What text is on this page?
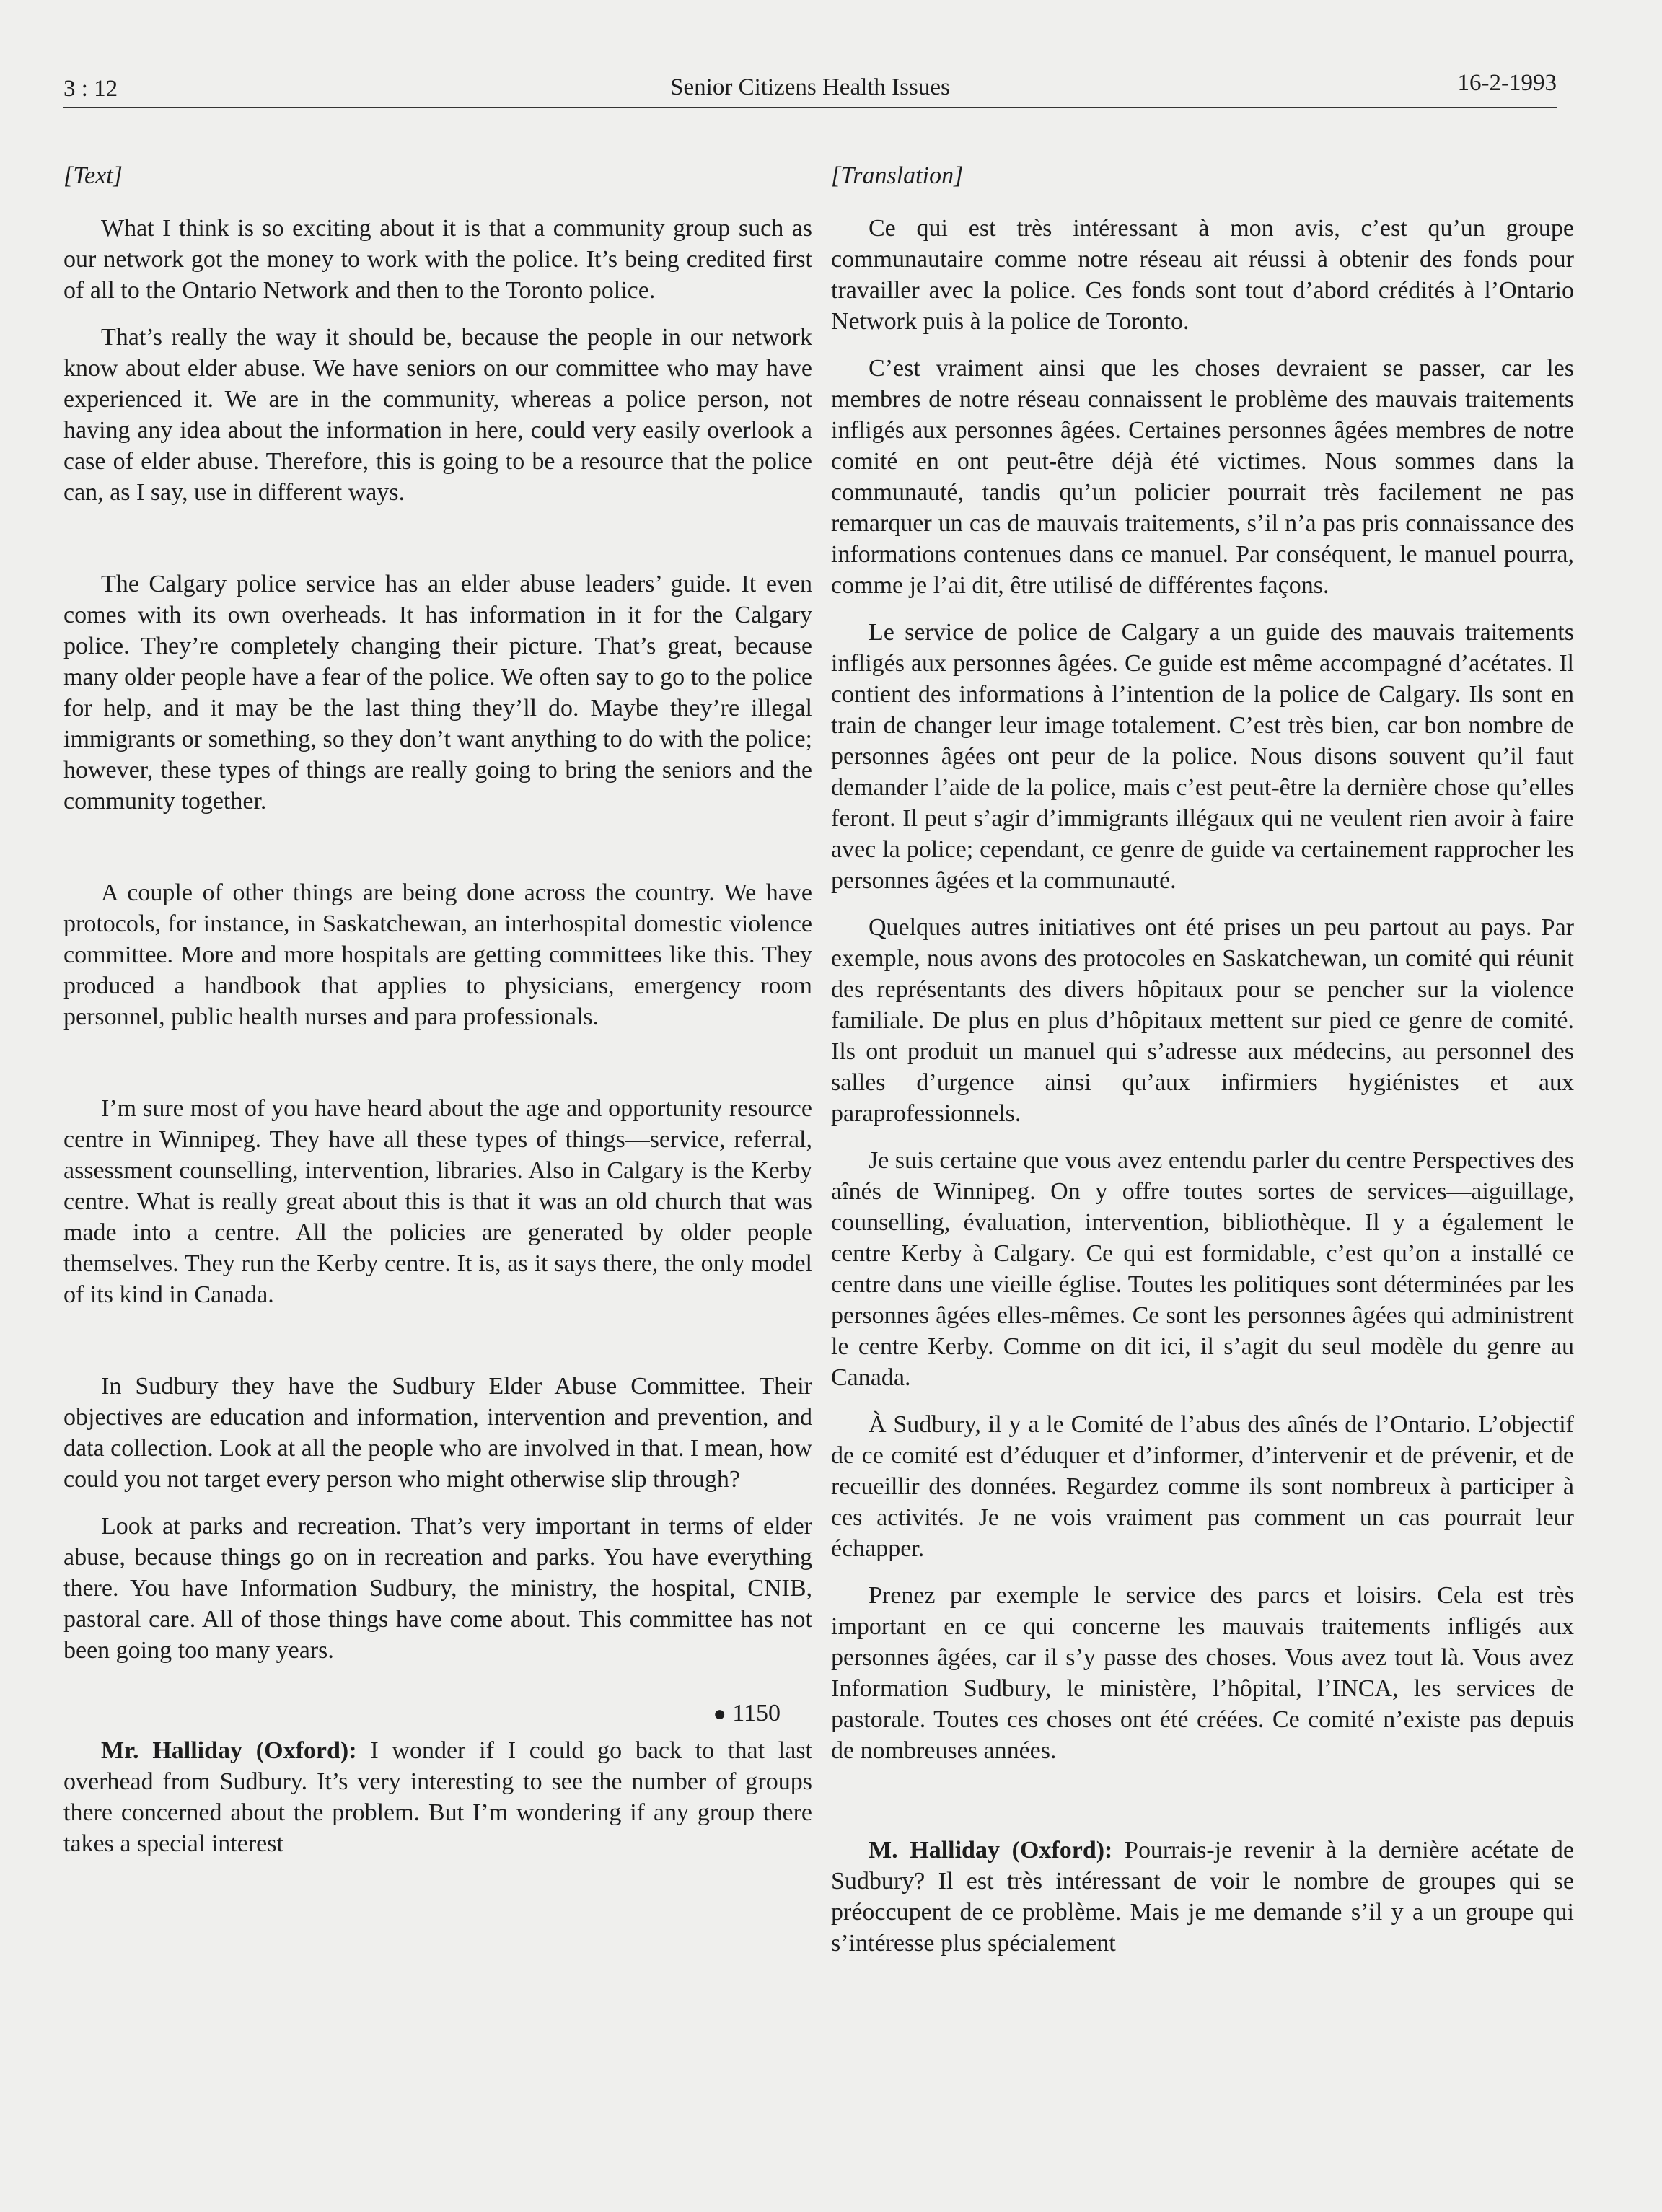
3 : 12	Senior Citizens Health Issues	16-2-1993
[Text]

What I think is so exciting about it is that a community group such as our network got the money to work with the police. It’s being credited first of all to the Ontario Network and then to the Toronto police.

That’s really the way it should be, because the people in our network know about elder abuse. We have seniors on our committee who may have experienced it. We are in the community, whereas a police person, not having any idea about the information in here, could very easily overlook a case of elder abuse. Therefore, this is going to be a resource that the police can, as I say, use in different ways.

The Calgary police service has an elder abuse leaders’ guide. It even comes with its own overheads. It has information in it for the Calgary police. They’re completely changing their picture. That’s great, because many older people have a fear of the police. We often say to go to the police for help, and it may be the last thing they’ll do. Maybe they’re illegal immigrants or something, so they don’t want anything to do with the police; however, these types of things are really going to bring the seniors and the community together.

A couple of other things are being done across the country. We have protocols, for instance, in Saskatchewan, an interhospital domestic violence committee. More and more hospitals are getting committees like this. They produced a handbook that applies to physicians, emergency room personnel, public health nurses and para professionals.

I’m sure most of you have heard about the age and opportunity resource centre in Winnipeg. They have all these types of things—service, referral, assessment counselling, intervention, libraries. Also in Calgary is the Kerby centre. What is really great about this is that it was an old church that was made into a centre. All the policies are generated by older people themselves. They run the Kerby centre. It is, as it says there, the only model of its kind in Canada.

In Sudbury they have the Sudbury Elder Abuse Committee. Their objectives are education and information, intervention and prevention, and data collection. Look at all the people who are involved in that. I mean, how could you not target every person who might otherwise slip through?

Look at parks and recreation. That’s very important in terms of elder abuse, because things go on in recreation and parks. You have everything there. You have Information Sudbury, the ministry, the hospital, CNIB, pastoral care. All of those things have come about. This committee has not been going too many years.

● 1150

Mr. Halliday (Oxford): I wonder if I could go back to that last overhead from Sudbury. It’s very interesting to see the number of groups there concerned about the problem. But I’m wondering if any group there takes a special interest

[Translation]

Ce qui est très intéressant à mon avis, c’est qu’un groupe communautaire comme notre réseau ait réussi à obtenir des fonds pour travailler avec la police. Ces fonds sont tout d’abord crédités à l’Ontario Network puis à la police de Toronto.

C’est vraiment ainsi que les choses devraient se passer, car les membres de notre réseau connaissent le problème des mauvais traitements infligés aux personnes âgées. Certaines personnes âgées membres de notre comité en ont peut-être déjà été victimes. Nous sommes dans la communauté, tandis qu’un policier pourrait très facilement ne pas remarquer un cas de mauvais traitements, s’il n’a pas pris connaissance des informations contenues dans ce manuel. Par conséquent, le manuel pourra, comme je l’ai dit, être utilisé de différentes façons.

Le service de police de Calgary a un guide des mauvais traitements infligés aux personnes âgées. Ce guide est même accompagné d’acétates. Il contient des informations à l’intention de la police de Calgary. Ils sont en train de changer leur image totalement. C’est très bien, car bon nombre de personnes âgées ont peur de la police. Nous disons souvent qu’il faut demander l’aide de la police, mais c’est peut-être la dernière chose qu’elles feront. Il peut s’agir d’immigrants illégaux qui ne veulent rien avoir à faire avec la police; cependant, ce genre de guide va certainement rapprocher les personnes âgées et la communauté.

Quelques autres initiatives ont été prises un peu partout au pays. Par exemple, nous avons des protocoles en Saskatchewan, un comité qui réunit des représentants des divers hôpitaux pour se pencher sur la violence familiale. De plus en plus d’hôpitaux mettent sur pied ce genre de comité. Ils ont produit un manuel qui s’adresse aux médecins, au personnel des salles d’urgence ainsi qu’aux infirmiers hygiénistes et aux paraprofessionnels.

Je suis certaine que vous avez entendu parler du centre Perspectives des aînés de Winnipeg. On y offre toutes sortes de services—aiguillage, counselling, évaluation, intervention, bibliothèque. Il y a également le centre Kerby à Calgary. Ce qui est formidable, c’est qu’on a installé ce centre dans une vieille église. Toutes les politiques sont déterminées par les personnes âgées elles-mêmes. Ce sont les personnes âgées qui administrent le centre Kerby. Comme on dit ici, il s’agit du seul modèle du genre au Canada.

À Sudbury, il y a le Comité de l’abus des aînés de l’Ontario. L’objectif de ce comité est d’éduquer et d’informer, d’intervenir et de prévenir, et de recueillir des données. Regardez comme ils sont nombreux à participer à ces activités. Je ne vois vraiment pas comment un cas pourrait leur échapper.

Prenez par exemple le service des parcs et loisirs. Cela est très important en ce qui concerne les mauvais traitements infligés aux personnes âgées, car il s’y passe des choses. Vous avez tout là. Vous avez Information Sudbury, le ministère, l’hôpital, l’INCA, les services de pastorale. Toutes ces choses ont été créées. Ce comité n’existe pas depuis de nombreuses années.

M. Halliday (Oxford): Pourrais-je revenir à la dernière acétate de Sudbury? Il est très intéressant de voir le nombre de groupes qui se préoccupent de ce problème. Mais je me demande s’il y a un groupe qui s’intéresse plus spécialement
